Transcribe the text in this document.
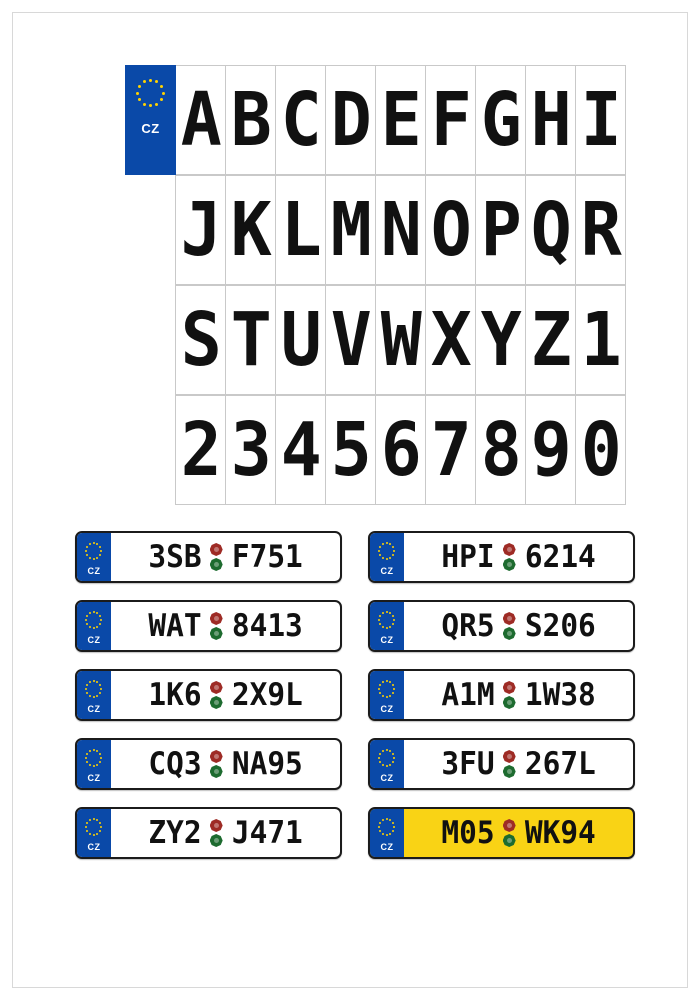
CZ A B C D E F G H I
J K L M N O P Q R
S T U V W X Y Z 1
2 3 4 5 6 7 8 9 0
CZ 3SB F751	CZ HPI 6214
CZ WAT 8413	CZ QR5 S206
CZ 1K6 2X9L	CZ A1M 1W38
CZ CQ3 NA95	CZ 3FU 267L
CZ ZY2 J471	CZ M05 WK94
